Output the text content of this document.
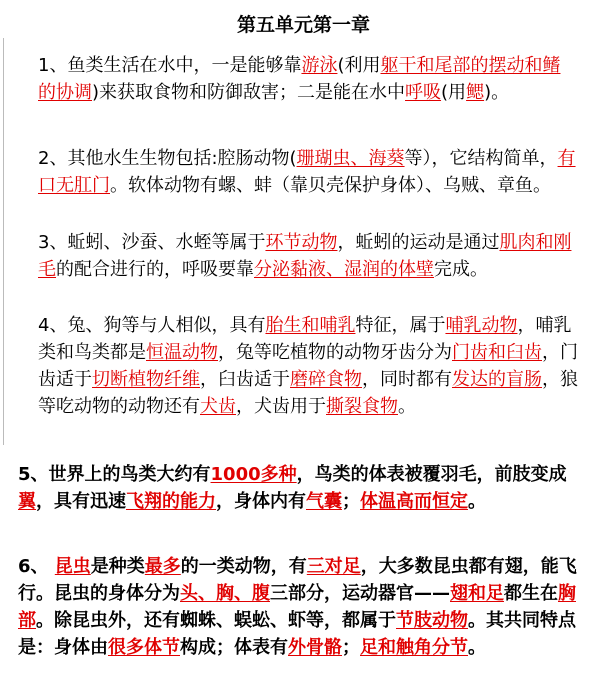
第五单元第一章
1、鱼类生活在水中，一是能够靠游泳(利用躯干和尾部的摆动和鳍的协调)来获取食物和防御敌害；二是能在水中呼吸(用鳃)。
2、其他水生生物包括:腔肠动物(珊瑚虫、海葵等），它结构简单，有口无肛门。软体动物有螺、蚌（靠贝壳保护身体）、乌贼、章鱼。
3、蚯蚓、沙蚕、水蛭等属于环节动物，蚯蚓的运动是通过肌肉和刚毛的配合进行的，呼吸要靠分泌黏液、湿润的体壁完成。
4、兔、狗等与人相似，具有胎生和哺乳特征，属于哺乳动物，哺乳类和鸟类都是恒温动物，兔等吃植物的动物牙齿分为门齿和臼齿，门齿适于切断植物纤维，臼齿适于磨碎食物，同时都有发达的盲肠，狼等吃动物的动物还有犬齿，犬齿用于撕裂食物。
5、世界上的鸟类大约有1000多种，鸟类的体表被覆羽毛，前肢变成翼，具有迅速飞翔的能力，身体内有气囊；体温高而恒定。
6、 昆虫是种类最多的一类动物，有三对足，大多数昆虫都有翅，能飞行。昆虫的身体分为头、胸、腹三部分，运动器官——翅和足都生在胸部。除昆虫外，还有蜘蛛、蜈蚣、虾等，都属于节肢动物。其共同特点是：身体由很多体节构成；体表有外骨骼；足和触角分节。
